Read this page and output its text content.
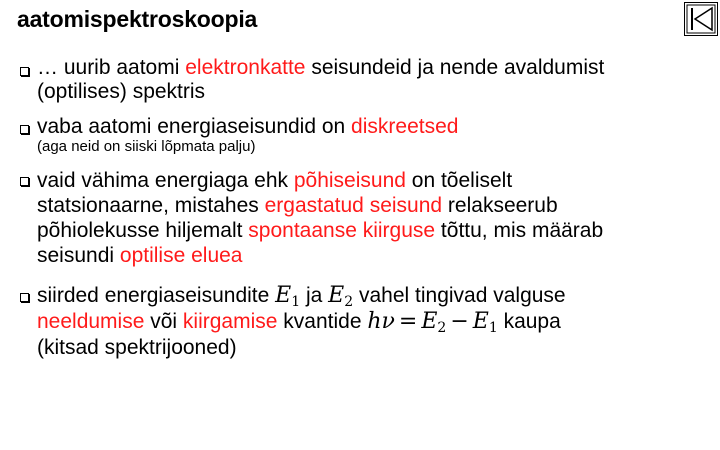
aatomispektroskoopia
… uurib aatomi elektronkatte seisundeid ja nende avaldumist
(optilises) spektris
vaba aatomi energiaseisundid on diskreetsed
(aga neid on siiski lõpmata palju)
vaid vähima energiaga ehk põhiseisund on tõeliselt
statsionaarne, mistahes ergastatud seisund relakseerub
põhiolekusse hiljemalt spontaanse kiirguse tõttu, mis määrab
seisundi optilise eluea
siirded energiaseisundite $E_1$ ja $E_2$ vahel tingivad valguse
neeldumise või kiirgamise kvantide $h\nu = E_2 - E_1$ kaupa
(kitsad spektrijooned)
